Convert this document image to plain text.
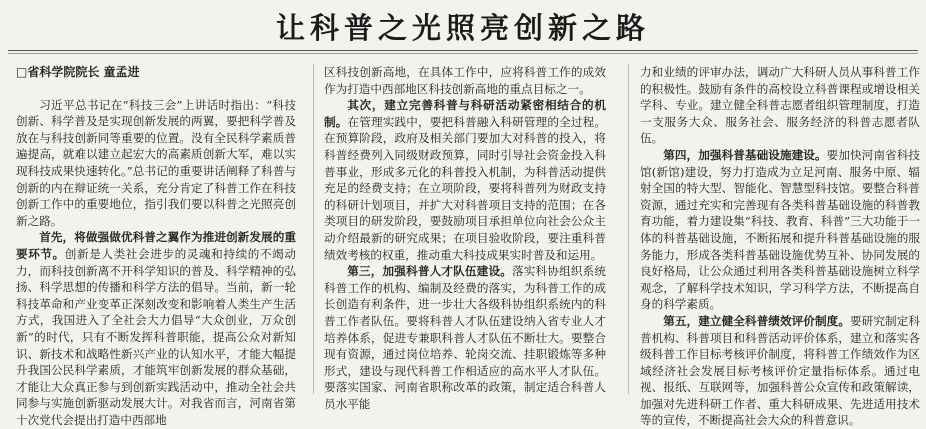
让科普之光照亮创新之路
□省科学院院长 童孟进

习近平总书记在“科技三会”上讲话时指出：“科技创新、科学普及是实现创新发展的两翼，要把科学普及放在与科技创新同等重要的位置。没有全民科学素质普遍提高，就难以建立起宏大的高素质创新大军，难以实现科技成果快速转化。”总书记的重要讲话阐释了科普与创新的内在辩证统一关系，充分肯定了科普工作在科技创新工作中的重要地位，指引我们要以科普之光照亮创新之路。

首先，将做强做优科普之翼作为推进创新发展的重要环节。创新是人类社会进步的灵魂和持续的不竭动力，而科技创新离不开科学知识的普及、科学精神的弘扬、科学思想的传播和科学方法的倡导。当前，新一轮科技革命和产业变革正深刻改变和影响着人类生产生活方式，我国进入了全社会大力倡导“大众创业，万众创新”的时代，只有不断发挥科普职能，提高公众对新知识、新技术和战略性新兴产业的认知水平，才能大幅提升我国公民科学素质，才能筑牢创新发展的群众基础，才能让大众真正参与到创新实践活动中，推动全社会共同参与实施创新驱动发展大计。对我省而言，河南省第十次党代会提出打造中西部地

区科技创新高地，在具体工作中，应将科普工作的成效作为打造中西部地区科技创新高地的重点目标之一。

其次，建立完善科普与科研活动紧密相结合的机制。在管理实践中，要把科普融入科研管理的全过程。在预算阶段，政府及相关部门要加大对科普的投入，将科普经费列入同级财政预算，同时引导社会资金投入科普事业，形成多元化的科普投入机制，为科普活动提供充足的经费支持；在立项阶段，要将科普列为财政支持的科研计划项目，并扩大对科普项目支持的范围；在各类项目的研发阶段，要鼓励项目承担单位向社会公众主动介绍最新的研究成果；在项目验收阶段，要注重科普绩效考核的权重，推动重大科技成果实时普及和运用。

第三，加强科普人才队伍建设。落实科协组织系统科普工作的机构、编制及经费的落实，为科普工作的成长创造有利条件，进一步壮大各级科协组织系统内的科普工作者队伍。要将科普人才队伍建设纳入省专业人才培养体系，促进专兼职科普人才队伍不断壮大。要整合现有资源，通过岗位培养、轮岗交流、挂职锻炼等多种形式，建设与现代科普工作相适应的高水平人才队伍。要落实国家、河南省职称改革的政策，制定适合科普人员水平能

力和业绩的评审办法，调动广大科研人员从事科普工作的积极性。鼓励有条件的高校设立科普课程或增设相关学科、专业。建立健全科普志愿者组织管理制度，打造一支服务大众、服务社会、服务经济的科普志愿者队伍。

第四，加强科普基础设施建设。要加快河南省科技馆(新馆)建设，努力打造成为立足河南、服务中原、辐射全国的特大型、智能化、智慧型科技馆。要整合科普资源，通过充实和完善现有各类科普基础设施的科普教育功能，着力建设集“科技、教育、科普”三大功能于一体的科普基础设施，不断拓展和提升科普基础设施的服务能力，形成各类科普基础设施优势互补、协同发展的良好格局，让公众通过利用各类科普基础设施树立科学观念，了解科学技术知识，学习科学方法，不断提高自身的科学素质。

第五，建立健全科普绩效评价制度。要研究制定科普机构、科普项目和科普活动评价体系，建立和落实各级科普工作目标考核评价制度，将科普工作绩效作为区域经济社会发展目标考核评价定量指标体系。通过电视、报纸、互联网等，加强科普公众宣传和政策解读，加强对先进科研工作者、重大科研成果、先进适用技术等的宣传，不断提高社会大众的科普意识。
